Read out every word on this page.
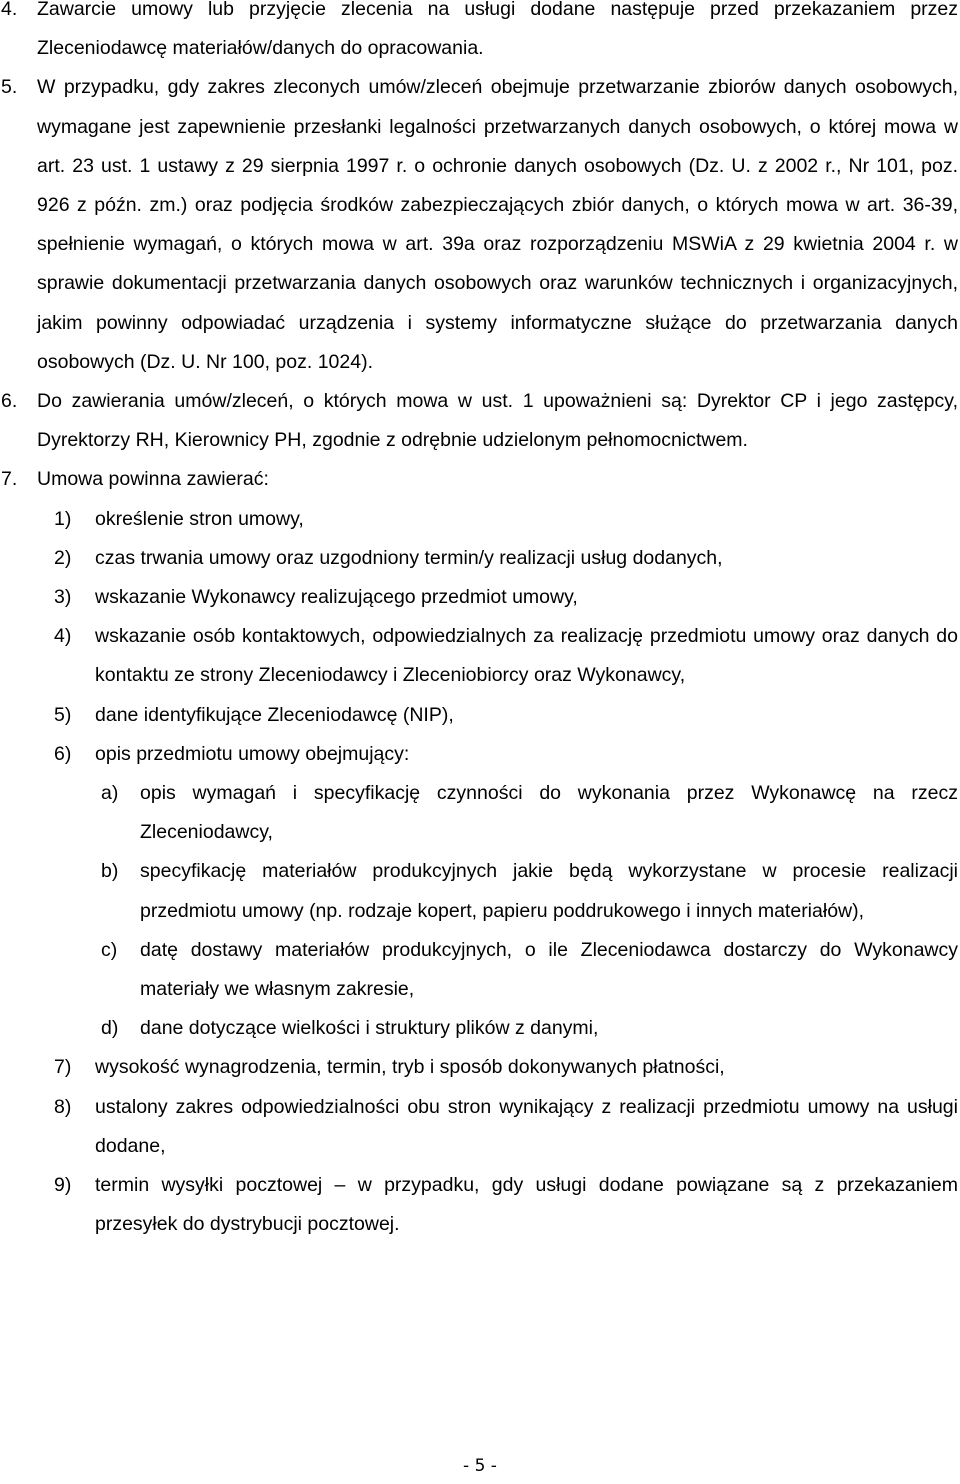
4. Zawarcie umowy lub przyjęcie zlecenia na usługi dodane następuje przed przekazaniem przez Zleceniodawcę materiałów/danych do opracowania.
5. W przypadku, gdy zakres zleconych umów/zleceń obejmuje przetwarzanie zbiorów danych osobowych, wymagane jest zapewnienie przesłanki legalności przetwarzanych danych osobowych, o której mowa w art. 23 ust. 1 ustawy z 29 sierpnia 1997 r. o ochronie danych osobowych (Dz. U. z 2002 r., Nr 101, poz. 926 z późn. zm.) oraz podjęcia środków zabezpieczających zbiór danych, o których mowa w art. 36-39, spełnienie wymagań, o których mowa w art. 39a oraz rozporządzeniu MSWiA z 29 kwietnia 2004 r. w sprawie dokumentacji przetwarzania danych osobowych oraz warunków technicznych i organizacyjnych, jakim powinny odpowiadać urządzenia i systemy informatyczne służące do przetwarzania danych osobowych (Dz. U. Nr 100, poz. 1024).
6. Do zawierania umów/zleceń, o których mowa w ust. 1 upoważnieni są: Dyrektor CP i jego zastępcy, Dyrektorzy RH, Kierownicy PH, zgodnie z odrębnie udzielonym pełnomocnictwem.
7. Umowa powinna zawierać:
1) określenie stron umowy,
2) czas trwania umowy oraz uzgodniony termin/y realizacji usług dodanych,
3) wskazanie Wykonawcy realizującego przedmiot umowy,
4) wskazanie osób kontaktowych, odpowiedzialnych za realizację przedmiotu umowy oraz danych do kontaktu ze strony Zleceniodawcy i Zleceniobiorcy oraz Wykonawcy,
5) dane identyfikujące Zleceniodawcę (NIP),
6) opis przedmiotu umowy obejmujący:
a) opis wymagań i specyfikację czynności do wykonania przez Wykonawcę na rzecz Zleceniodawcy,
b) specyfikację materiałów produkcyjnych jakie będą wykorzystane w procesie realizacji przedmiotu umowy (np. rodzaje kopert, papieru poddrukowego i innych materiałów),
c) datę dostawy materiałów produkcyjnych, o ile Zleceniodawca dostarczy do Wykonawcy materiały we własnym zakresie,
d) dane dotyczące wielkości i struktury plików z danymi,
7) wysokość wynagrodzenia, termin, tryb i sposób dokonywanych płatności,
8) ustalony zakres odpowiedzialności obu stron wynikający z realizacji przedmiotu umowy na usługi dodane,
9) termin wysyłki pocztowej – w przypadku, gdy usługi dodane powiązane są z przekazaniem przesyłek do dystrybucji pocztowej.
- 5 -
